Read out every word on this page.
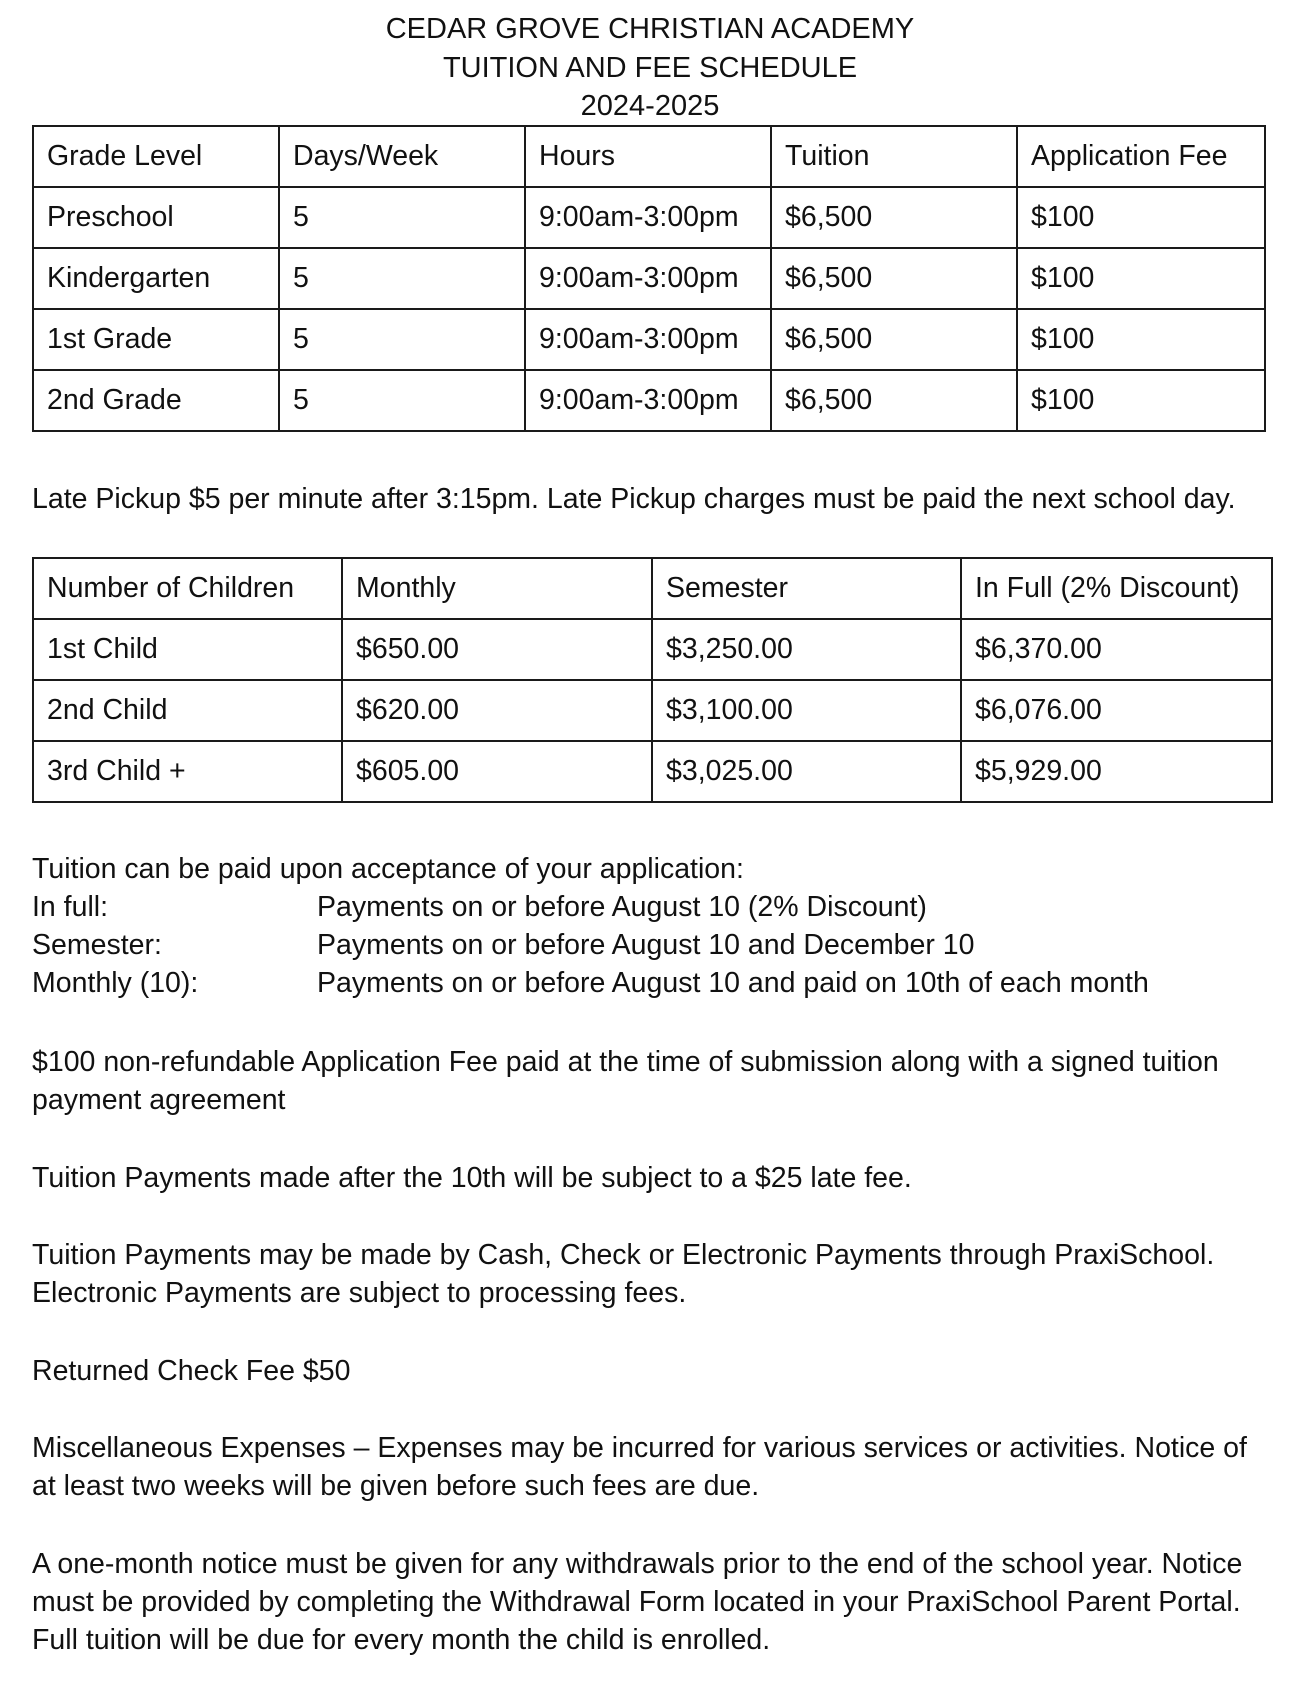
CEDAR GROVE CHRISTIAN ACADEMY
TUITION AND FEE SCHEDULE
2024-2025
Grade Level	Days/Week	Hours	Tuition	Application Fee
Preschool	5	9:00am-3:00pm	$6,500	$100
Kindergarten	5	9:00am-3:00pm	$6,500	$100
1st Grade	5	9:00am-3:00pm	$6,500	$100
2nd Grade	5	9:00am-3:00pm	$6,500	$100

Late Pickup $5 per minute after 3:15pm. Late Pickup charges must be paid the next school day.

Number of Children	Monthly	Semester	In Full (2% Discount)
1st Child	$650.00	$3,250.00	$6,370.00
2nd Child	$620.00	$3,100.00	$6,076.00
3rd Child +	$605.00	$3,025.00	$5,929.00
Tuition can be paid upon acceptance of your application:
In full:	Payments on or before August 10 (2% Discount)
Semester:	Payments on or before August 10 and December 10
Monthly (10):	Payments on or before August 10 and paid on 10th of each month

$100 non-refundable Application Fee paid at the time of submission along with a signed tuition payment agreement

Tuition Payments made after the 10th will be subject to a $25 late fee.

Tuition Payments may be made by Cash, Check or Electronic Payments through PraxiSchool. Electronic Payments are subject to processing fees.

Returned Check Fee $50

Miscellaneous Expenses – Expenses may be incurred for various services or activities. Notice of at least two weeks will be given before such fees are due.

A one-month notice must be given for any withdrawals prior to the end of the school year. Notice must be provided by completing the Withdrawal Form located in your PraxiSchool Parent Portal. Full tuition will be due for every month the child is enrolled.
